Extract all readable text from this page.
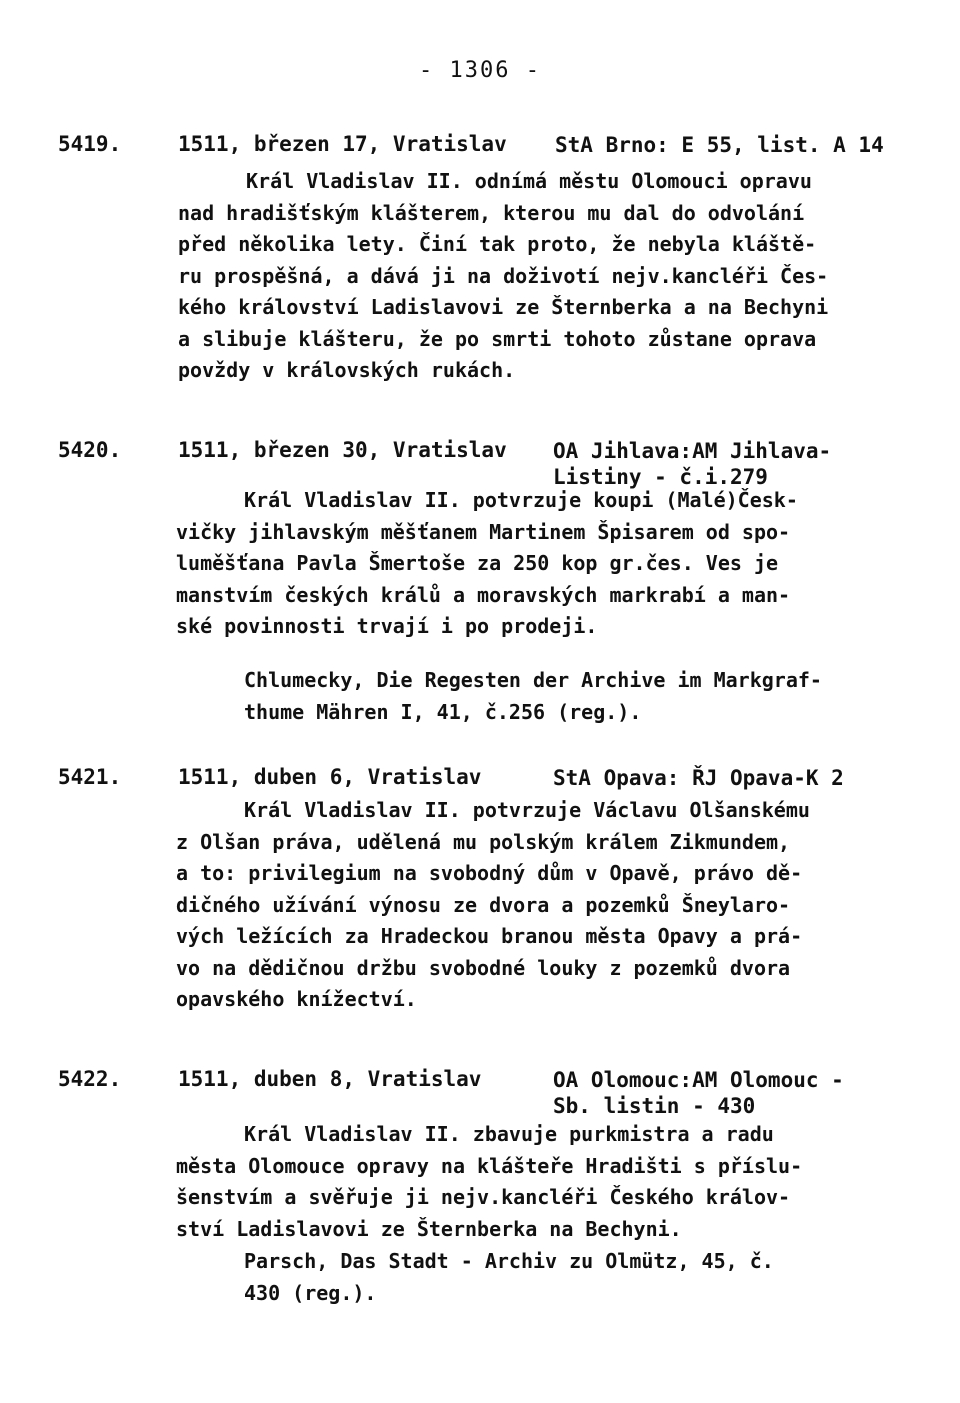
- 1306 -
5419.	1511, březen 17, Vratislav StA Brno: E 55, list. A 14
Král Vladislav II. odnímá městu Olomouci opravu
nad hradišťským klášterem, kterou mu dal do odvolání
před několika lety. Činí tak proto, že nebyla kláště-
ru prospěšná, a dává ji na doživotí nejv.kancléři Čes-
kého království Ladislavovi ze Šternberka a na Bechyni
a slibuje klášteru, že po smrti tohoto zůstane oprava
povždy v královských rukách.
5420.	1511, březen 30, Vratislav OA Jihlava:AM Jihlava-
Listiny - č.i.279
Král Vladislav II. potvrzuje koupi (Malé)Česk-
vičky jihlavským měšťanem Martinem Špisarem od spo-
luměšťana Pavla Šmertoše za 250 kop gr.čes. Ves je
manstvím českých králů a moravských markrabí a man-
ské povinnosti trvají i po prodeji.
Chlumecky, Die Regesten der Archive im Markgraf-
thume Mähren I, 41, č.256 (reg.).
5421.	1511, duben 6, Vratislav	StA Opava: ŘJ Opava-K 2
Král Vladislav II. potvrzuje Václavu Olšanskému
z Olšan práva, udělená mu polským králem Zikmundem,
a to: privilegium na svobodný dům v Opavě, právo dě-
dičného užívání výnosu ze dvora a pozemků Šneylaro-
vých ležících za Hradeckou branou města Opavy a prá-
vo na dědičnou držbu svobodné louky z pozemků dvora
opavského knížectví.
5422.	1511, duben 8, Vratislav	OA Olomouc:AM Olomouc -
Sb. listin - 430
Král Vladislav II. zbavuje purkmistra a radu
města Olomouce opravy na klášteře Hradišti s příslu-
šenstvím a svěřuje ji nejv.kancléři Českého králov-
ství Ladislavovi ze Šternberka na Bechyni.
Parsch, Das Stadt - Archiv zu Olmütz, 45, č.
430 (reg.).
